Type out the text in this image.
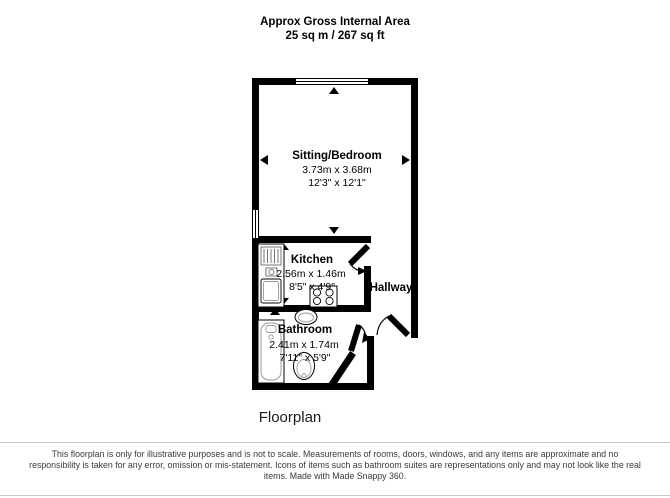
Approx Gross Internal Area
25 sq m / 267 sq ft
Sitting/Bedroom
3.73m x 3.68m
12'3" x 12'1"
Kitchen
2.56m x 1.46m
8'5" x 4'9"	Hallway
Bathroom
2.41m x 1.74m
7'11" x 5'9"
Floorplan
This floorplan is only for illustrative purposes and is not to scale. Measurements of rooms, doors, windows, and any items are approximate and no responsibility is taken for any error, omission or mis-statement. Icons of items such as bathroom suites are representations only and may not look like the real items. Made with Made Snappy 360.
